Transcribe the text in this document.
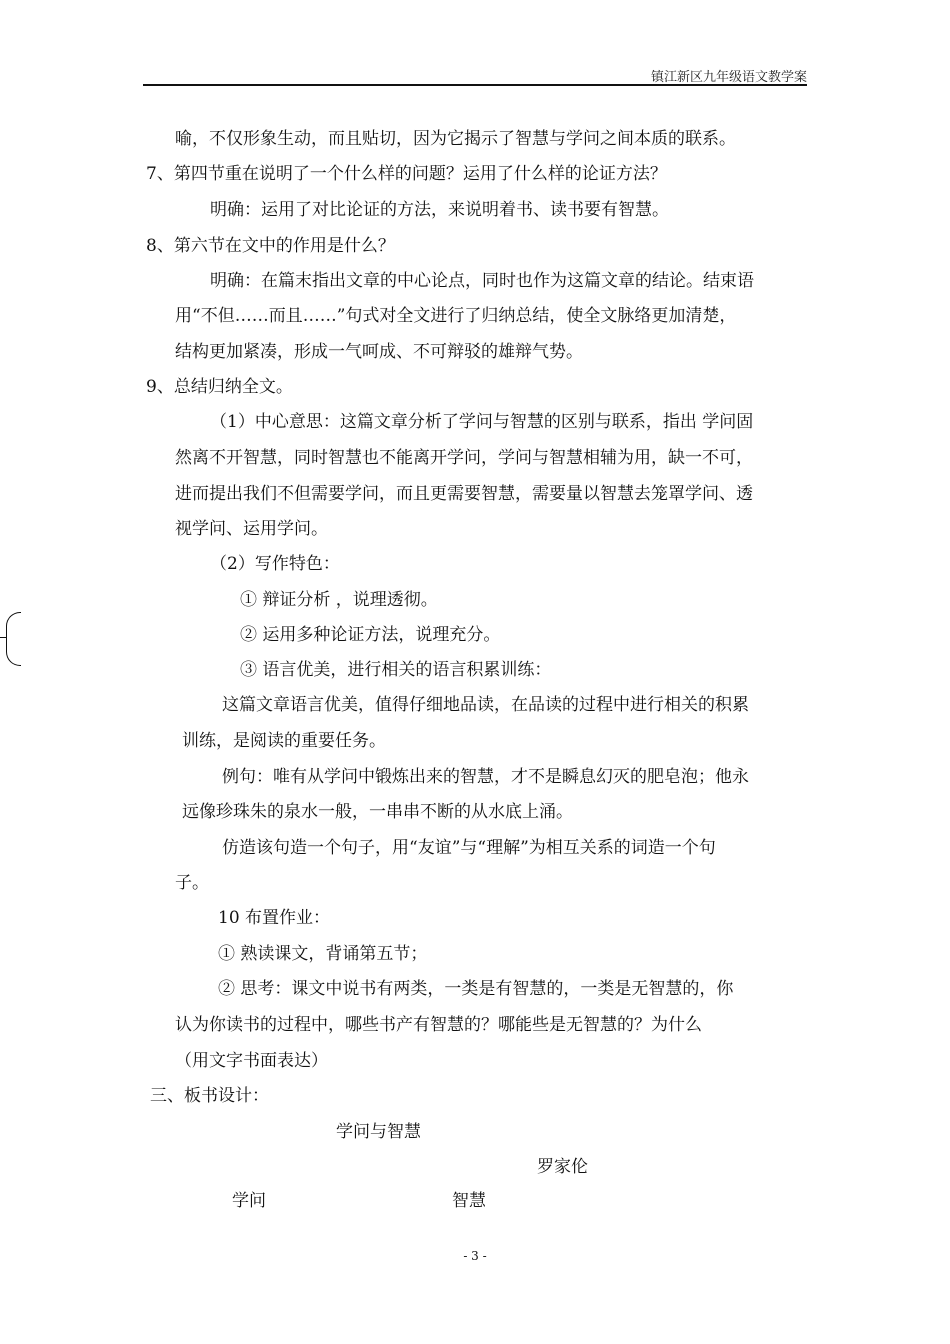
镇江新区九年级语文教学案
喻，不仅形象生动，而且贴切，因为它揭示了智慧与学问之间本质的联系。
7、第四节重在说明了一个什么样的问题？运用了什么样的论证方法？
明确：运用了对比论证的方法，来说明着书、读书要有智慧。
8、第六节在文中的作用是什么？
明确：在篇末指出文章的中心论点，同时也作为这篇文章的结论。结束语
用“不但……而且……”句式对全文进行了归纳总结，使全文脉络更加清楚，
结构更加紧凑，形成一气呵成、不可辩驳的雄辩气势。
9、总结归纳全文。
（1）中心意思：这篇文章分析了学问与智慧的区别与联系，指出 学问固
然离不开智慧，同时智慧也不能离开学问，学问与智慧相辅为用，缺一不可，
进而提出我们不但需要学问，而且更需要智慧，需要量以智慧去笼罩学问、透
视学问、运用学问。
（2）写作特色：
① 辩证分析 ，说理透彻。
② 运用多种论证方法，说理充分。
③ 语言优美，进行相关的语言积累训练：
这篇文章语言优美，值得仔细地品读，在品读的过程中进行相关的积累
训练，是阅读的重要任务。
例句：唯有从学问中锻炼出来的智慧，才不是瞬息幻灭的肥皂泡；他永
远像珍珠朱的泉水一般，一串串不断的从水底上涌。
仿造该句造一个句子，用“友谊”与“理解”为相互关系的词造一个句
子。
10 布置作业：
① 熟读课文，背诵第五节；
② 思考：课文中说书有两类，一类是有智慧的，一类是无智慧的，你
认为你读书的过程中，哪些书产有智慧的？哪能些是无智慧的？为什么
（用文字书面表达）
三、板书设计：
学问与智慧
罗家伦
学问	智慧
- 3 -
